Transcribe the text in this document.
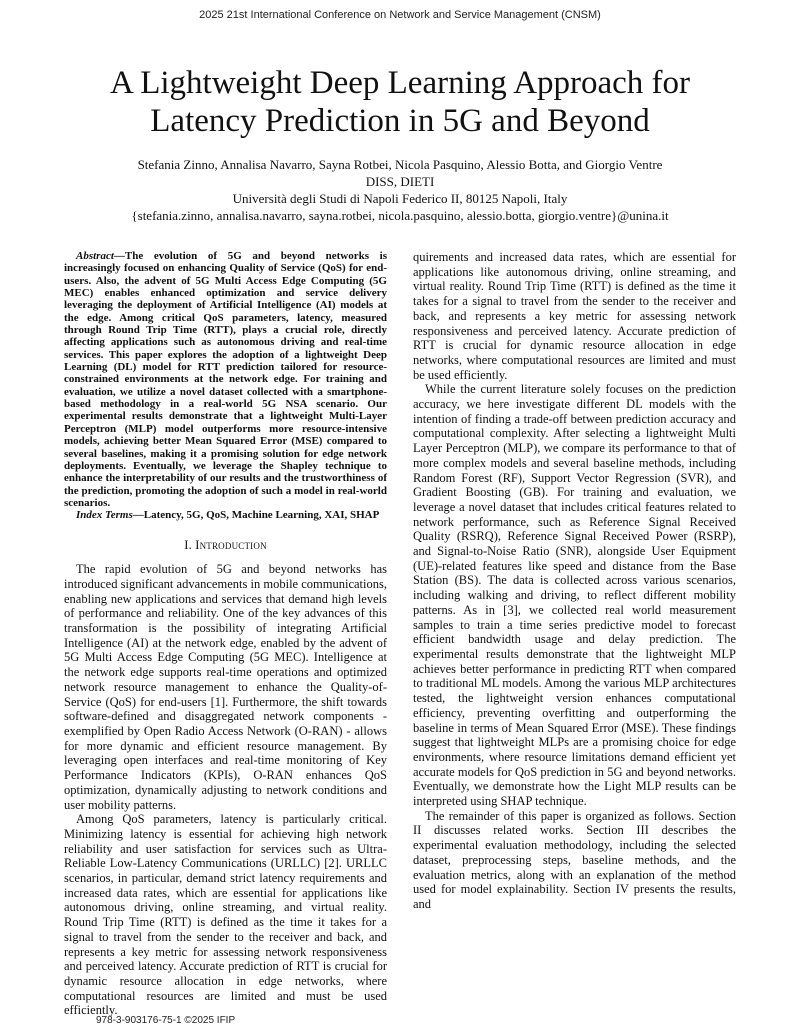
2025 21st International Conference on Network and Service Management (CNSM)
A Lightweight Deep Learning Approach for Latency Prediction in 5G and Beyond
Stefania Zinno, Annalisa Navarro, Sayna Rotbei, Nicola Pasquino, Alessio Botta, and Giorgio Ventre
DISS, DIETI
Università degli Studi di Napoli Federico II, 80125 Napoli, Italy
{stefania.zinno, annalisa.navarro, sayna.rotbei, nicola.pasquino, alessio.botta, giorgio.ventre}@unina.it

Abstract—The evolution of 5G and beyond networks is increasingly focused on enhancing Quality of Service (QoS) for end-users. Also, the advent of 5G Multi Access Edge Computing (5G MEC) enables enhanced optimization and service delivery leveraging the deployment of Artificial Intelligence (AI) models at the edge. Among critical QoS parameters, latency, measured through Round Trip Time (RTT), plays a crucial role, directly affecting applications such as autonomous driving and real-time services. This paper explores the adoption of a lightweight Deep Learning (DL) model for RTT prediction tailored for resource-constrained environments at the network edge. For training and evaluation, we utilize a novel dataset collected with a smartphone-based methodology in a real-world 5G NSA scenario. Our experimental results demonstrate that a lightweight Multi-Layer Perceptron (MLP) model outperforms more resource-intensive models, achieving better Mean Squared Error (MSE) compared to several baselines, making it a promising solution for edge network deployments. Eventually, we leverage the Shapley technique to enhance the interpretability of our results and the trustworthiness of the prediction, promoting the adoption of such a model in real-world scenarios.

Index Terms—Latency, 5G, QoS, Machine Learning, XAI, SHAP

I. Introduction

The rapid evolution of 5G and beyond networks has introduced significant advancements in mobile communications, enabling new applications and services that demand high levels of performance and reliability. One of the key advances of this transformation is the possibility of integrating Artificial Intelligence (AI) at the network edge, enabled by the advent of 5G Multi Access Edge Computing (5G MEC). Intelligence at the network edge supports real-time operations and optimized network resource management to enhance the Quality-of-Service (QoS) for end-users [1]. Furthermore, the shift towards software-defined and disaggregated network components - exemplified by Open Radio Access Network (O-RAN) - allows for more dynamic and efficient resource management. By leveraging open interfaces and real-time monitoring of Key Performance Indicators (KPIs), O-RAN enhances QoS optimization, dynamically adjusting to network conditions and user mobility patterns.

Among QoS parameters, latency is particularly critical. Minimizing latency is essential for achieving high network reliability and user satisfaction for services such as Ultra-Reliable Low-Latency Communications (URLLC) [2]. URLLC scenarios, in particular, demand strict latency requirements and increased data rates, which are essential for applications like autonomous driving, online streaming, and virtual reality. Round Trip Time (RTT) is defined as the time it takes for a signal to travel from the sender to the receiver and back, and represents a key metric for assessing network responsiveness and perceived latency. Accurate prediction of RTT is crucial for dynamic resource allocation in edge networks, where computational resources are limited and must be used efficiently.

quirements and increased data rates, which are essential for applications like autonomous driving, online streaming, and virtual reality. Round Trip Time (RTT) is defined as the time it takes for a signal to travel from the sender to the receiver and back, and represents a key metric for assessing network responsiveness and perceived latency. Accurate prediction of RTT is crucial for dynamic resource allocation in edge networks, where computational resources are limited and must be used efficiently.

While the current literature solely focuses on the prediction accuracy, we here investigate different DL models with the intention of finding a trade-off between prediction accuracy and computational complexity. After selecting a lightweight Multi Layer Perceptron (MLP), we compare its performance to that of more complex models and several baseline methods, including Random Forest (RF), Support Vector Regression (SVR), and Gradient Boosting (GB). For training and evaluation, we leverage a novel dataset that includes critical features related to network performance, such as Reference Signal Received Quality (RSRQ), Reference Signal Received Power (RSRP), and Signal-to-Noise Ratio (SNR), alongside User Equipment (UE)-related features like speed and distance from the Base Station (BS). The data is collected across various scenarios, including walking and driving, to reflect different mobility patterns. As in [3], we collected real world measurement samples to train a time series predictive model to forecast efficient bandwidth usage and delay prediction. The experimental results demonstrate that the lightweight MLP achieves better performance in predicting RTT when compared to traditional ML models. Among the various MLP architectures tested, the lightweight version enhances computational efficiency, preventing overfitting and outperforming the baseline in terms of Mean Squared Error (MSE). These findings suggest that lightweight MLPs are a promising choice for edge environments, where resource limitations demand efficient yet accurate models for QoS prediction in 5G and beyond networks. Eventually, we demonstrate how the Light MLP results can be interpreted using SHAP technique.

The remainder of this paper is organized as follows. Section II discusses related works. Section III describes the experimental evaluation methodology, including the selected dataset, preprocessing steps, baseline methods, and the evaluation metrics, along with an explanation of the method used for model explainability. Section IV presents the results, and

978-3-903176-75-1 ©2025 IFIP
